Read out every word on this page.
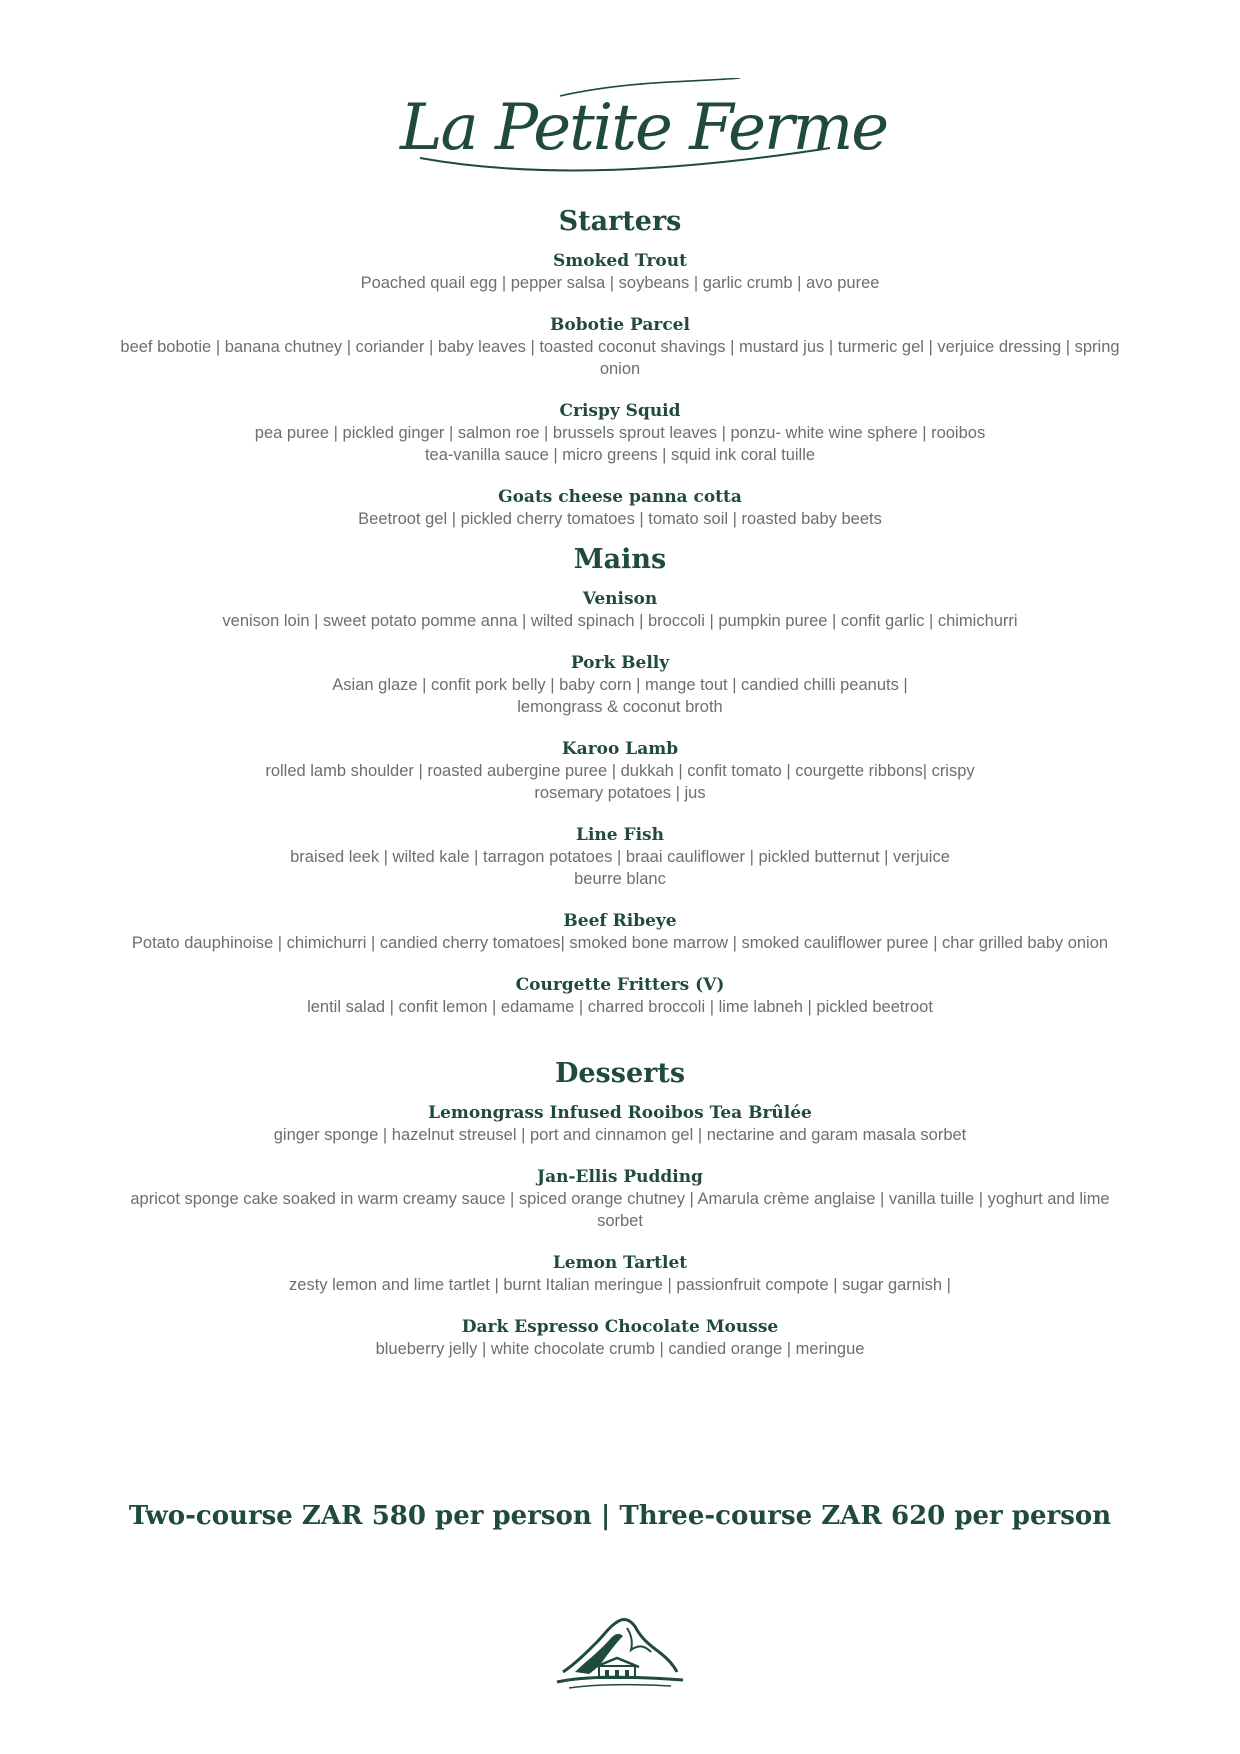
La Petite Ferme
Starters
Smoked Trout
Poached quail egg | pepper salsa | soybeans | garlic crumb | avo puree
Bobotie Parcel
beef bobotie | banana chutney | coriander | baby leaves | toasted coconut shavings | mustard jus | turmeric gel | verjuice dressing | spring onion
Crispy Squid
pea puree | pickled ginger | salmon roe | brussels sprout leaves | ponzu- white wine sphere | rooibos tea-vanilla sauce | micro greens | squid ink coral tuille
Goats cheese panna cotta
Beetroot gel | pickled cherry tomatoes | tomato soil | roasted baby beets
Mains
Venison
venison loin | sweet potato pomme anna | wilted spinach | broccoli | pumpkin puree | confit garlic | chimichurri
Pork Belly
Asian glaze | confit pork belly | baby corn | mange tout | candied chilli peanuts | lemongrass & coconut broth
Karoo Lamb
rolled lamb shoulder | roasted aubergine puree | dukkah | confit tomato | courgette ribbons| crispy rosemary potatoes | jus
Line Fish
braised leek | wilted kale | tarragon potatoes | braai cauliflower | pickled butternut | verjuice beurre blanc
Beef Ribeye
Potato dauphinoise | chimichurri | candied cherry tomatoes| smoked bone marrow | smoked cauliflower puree | char grilled baby onion
Courgette Fritters (V)
lentil salad | confit lemon | edamame | charred broccoli | lime labneh | pickled beetroot
Desserts
Lemongrass Infused Rooibos Tea Brûlée
ginger sponge | hazelnut streusel | port and cinnamon gel | nectarine and garam masala sorbet
Jan-Ellis Pudding
apricot sponge cake soaked in warm creamy sauce | spiced orange chutney | Amarula crème anglaise | vanilla tuille | yoghurt and lime sorbet
Lemon Tartlet
zesty lemon and lime tartlet | burnt Italian meringue | passionfruit compote | sugar garnish |
Dark Espresso Chocolate Mousse
blueberry jelly | white chocolate crumb | candied orange | meringue
Two-course ZAR 580 per person | Three-course ZAR 620 per person
